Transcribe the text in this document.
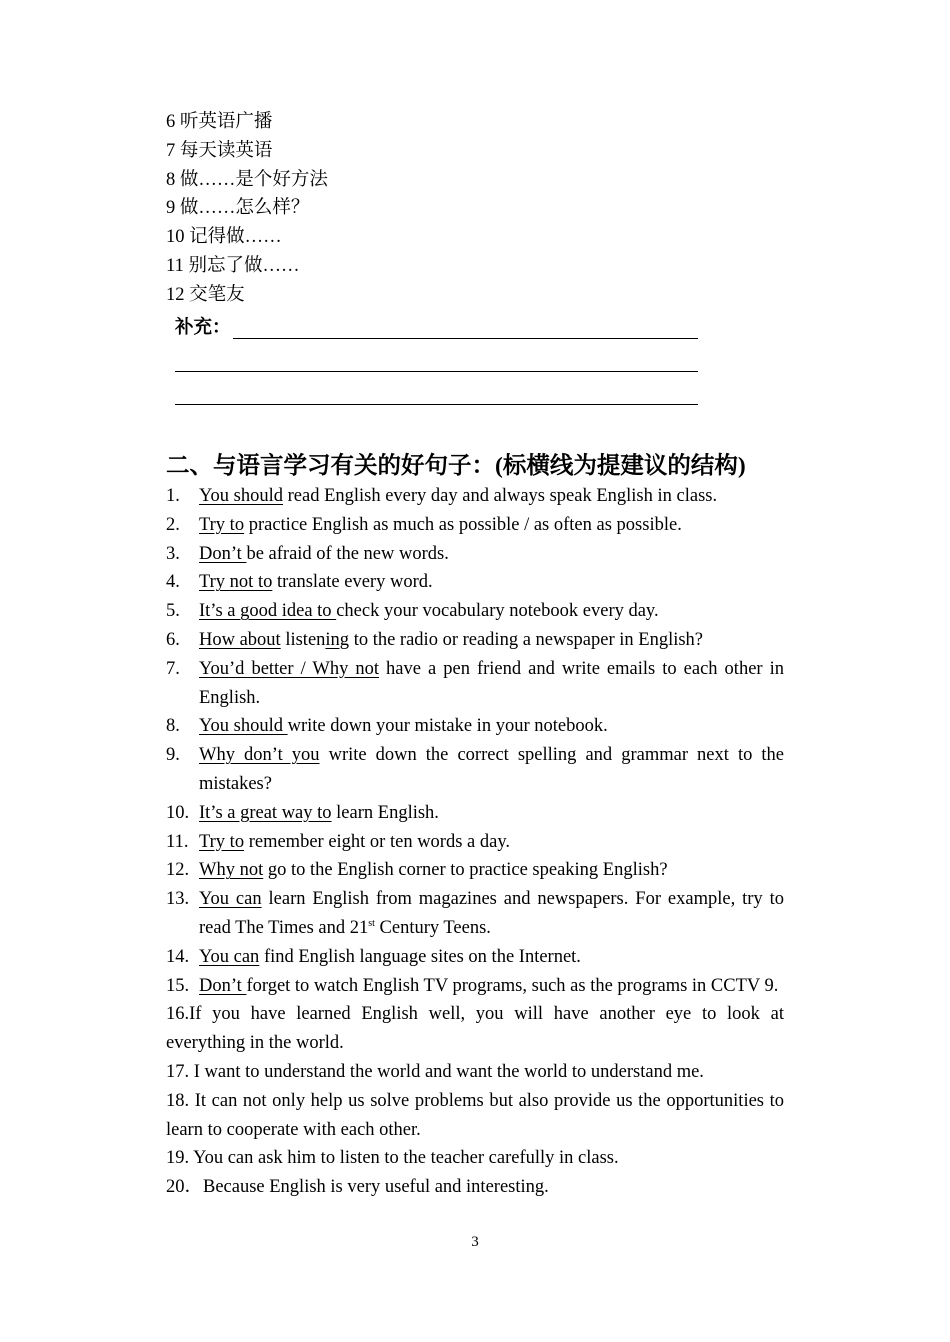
6 听英语广播
7 每天读英语
8 做……是个好方法
9 做……怎么样？
10 记得做……
11 别忘了做……
12 交笔友
补充：
二、与语言学习有关的好句子：(标横线为提建议的结构)
1. You should read English every day and always speak English in class.
2. Try to practice English as much as possible / as often as possible.
3. Don’t be afraid of the new words.
4. Try not to translate every word.
5. It’s a good idea to check your vocabulary notebook every day.
6. How about listening to the radio or reading a newspaper in English?
7. You’d better / Why not have a pen friend and write emails to each other in English.
8. You should write down your mistake in your notebook.
9. Why don’t you write down the correct spelling and grammar next to the mistakes?
10. It’s a great way to learn English.
11. Try to remember eight or ten words a day.
12. Why not go to the English corner to practice speaking English?
13. You can learn English from magazines and newspapers. For example, try to read The Times and 21st Century Teens.
14. You can find English language sites on the Internet.
15. Don’t forget to watch English TV programs, such as the programs in CCTV 9.
16.If you have learned English well, you will have another eye to look at everything in the world.
17. I want to understand the world and want the world to understand me.
18. It can not only help us solve problems but also provide us the opportunities to learn to cooperate with each other.
19. You can ask him to listen to the teacher carefully in class.
20．Because English is very useful and interesting.
3
